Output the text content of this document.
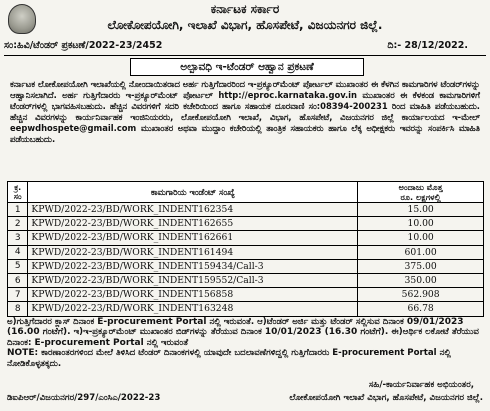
ಕರ್ನಾಟಕ ಸರ್ಕಾರ
ಲೋಕೋಪಯೋಗಿ, ಇಲಾಖೆ ವಿಭಾಗ, ಹೊಸಪೇಟೆ, ವಿಜಯನಗರ ಜಿಲ್ಲೆ.
ಸಂ:ಹಿವಿ/ಟೆಂಡರ್ ಪ್ರಕಟಣೆ/2022-23/2452	ದಿ:- 28/12/2022.
ಅಲ್ಪಾವಧಿ ಇ-ಟೆಂಡರ್ ಆಹ್ವಾನ ಪ್ರಕಟಣೆ

ಕರ್ನಾಟಕ ಲೋಕೋಪಯೋಗಿ ಇಲಾಖೆಯಲ್ಲಿ ನೋಂದಾಯಿತರಾದ ಅರ್ಹ ಗುತ್ತಿಗೆದಾರರಿಂದ ಇ-ಪ್ರಕ್ಯೂರ್‌ಮೆಂಟ್ ಪೋರ್ಟಲ್ ಮುಖಾಂತರ ಈ ಕೆಳಗಿನ ಕಾಮಗಾರಿಗಳ ಟೆಂಡರ್‌ಗಳನ್ನು ಆಹ್ವಾನಿಸಲಾಗಿದೆ. ಅರ್ಹ ಗುತ್ತಿಗೆದಾರರು ಇ-ಪ್ರಕ್ಯೂರ್‌ಮೆಂಟ್ ಪೋರ್ಟಲ್ http://eproc.karnataka.gov.in ಮುಖಾಂತರ ಈ ಕೆಳಕಂಡ ಕಾಮಗಾರಿಗಳಿಗೆ ಟೆಂಡರ್‌ಗಳಲ್ಲಿ ಭಾಗವಹಿಸಬಹುದು. ಹೆಚ್ಚಿನ ವಿವರಗಳಿಗೆ ಸದರಿ ಕಚೇರಿಯಿಂದ ಹಾಗೂ ಸಹಾಯಕ ದೂರವಾಣಿ ಸಂ:08394-200231 ರಿಂದ ಮಾಹಿತಿ ಪಡೆಯಬಹುದು. ಹೆಚ್ಚಿನ ವಿವರಗಳನ್ನು ಕಾರ್ಯನಿರ್ವಾಹಕ ಇಂಜಿನಿಯರರು, ಲೋಕೋಪಯೋಗಿ ಇಲಾಖೆ, ವಿಭಾಗ, ಹೊಸಪೇಟೆ, ವಿಜಯನಗರ ಜಿಲ್ಲೆ ಕಾರ್ಯಾಲಯದ ಇ-ಮೇಲ್ eepwdhospete@gmail.com ಮುಖಾಂತರ ಅಥವಾ ಮುದ್ದಾಂ ಕಚೇರಿಯಲ್ಲಿ ತಾಂತ್ರಿಕ ಸಹಾಯಕರು ಹಾಗೂ ಲೆಕ್ಕ ಅಧೀಕ್ಷಕರು ಇವರನ್ನು ಸಂಪರ್ಕಿಸಿ ಮಾಹಿತಿ ಪಡೆಯಬಹುದು.

ಕ್ರ. ಸಂ	ಕಾಮಗಾರಿಯ ಇಂಡೆಂಟ್ ಸಂಖ್ಯೆ	ಅಂದಾಜು ಮೊತ್ತ
ರೂ. ಲಕ್ಷಗಳಲ್ಲಿ
1	KPWD/2022-23/BD/WORK_INDENT162354	15.00
2	KPWD/2022-23/BD/WORK_INDENT162655	10.00
3	KPWD/2022-23/BD/WORK_INDENT162661	10.00
4	KPWD/2022-23/BD/WORK_INDENT161494	601.00
5	KPWD/2022-23/BD/WORK_INDENT159434/Call-3	375.00
6	KPWD/2022-23/BD/WORK_INDENT159552/Call-3	350.00
7	KPWD/2022-23/BD/WORK_INDENT156858	562.908
8	KPWD/2022-23/RD/WORK_INDENT163248	66.78

ಅ)ಗುತ್ತಿಗೆದಾರರ ಕ್ಲಾಸ್ ದಿನಾಂಕ E-procurement Portal ನಲ್ಲಿ ಇರುವಂತೆ. ಆ)ಟೆಂಡರ್ ಅರ್ಜಿ ಮತ್ತು ಟೆಂಡರ್ ಸಲ್ಲಿಸುವ ದಿನಾಂಕ 09/01/2023 (16.00 ಗಂಟೆಗೆ). ಇ)ಇ-ಪ್ರಕ್ಯೂರ್‌ಮೆಂಟ್ ಮುಖಾಂತರ ಬಿಡ್‌ಗಳನ್ನು ತೆರೆಯುವ ದಿನಾಂಕ 10/01/2023 (16.30 ಗಂಟೆಗೆ). ಈ)ಆರ್ಥಿಕ ಲಕೋಟೆ ತೆರೆಯುವ ದಿನಾಂಕ: E-procurement Portal ನಲ್ಲಿ ಇರುವಂತೆ

NOTE: ಕಾರಣಾಂತರಗಳಿಂದ ಮೇಲೆ ತಿಳಿಸಿದ ಟೆಂಡರ್ ದಿನಾಂಕಗಳಲ್ಲಿ ಯಾವುದೇ ಬದಲಾವಣೆಗಳಿದ್ದಲ್ಲಿ ಗುತ್ತಿಗೆದಾರರು E-procurement Portal ನಲ್ಲಿ ನೋಡಿಕೊಳ್ಳತಕ್ಕದು.

ಸಹಿ/-ಕಾರ್ಯನಿರ್ವಾಹಕ ಅಭಿಯಂತರ,
ಡಿಐಪಿಆರ್/ವಿಜಯನಗರ/297/ಎಂಸಿಎ/2022-23	ಲೋಕೋಪಯೋಗಿ ಇಲಾಖೆ ವಿಭಾಗ, ಹೊಸಪೇಟೆ, ವಿಜಯನಗರ ಜಿಲ್ಲೆ.
